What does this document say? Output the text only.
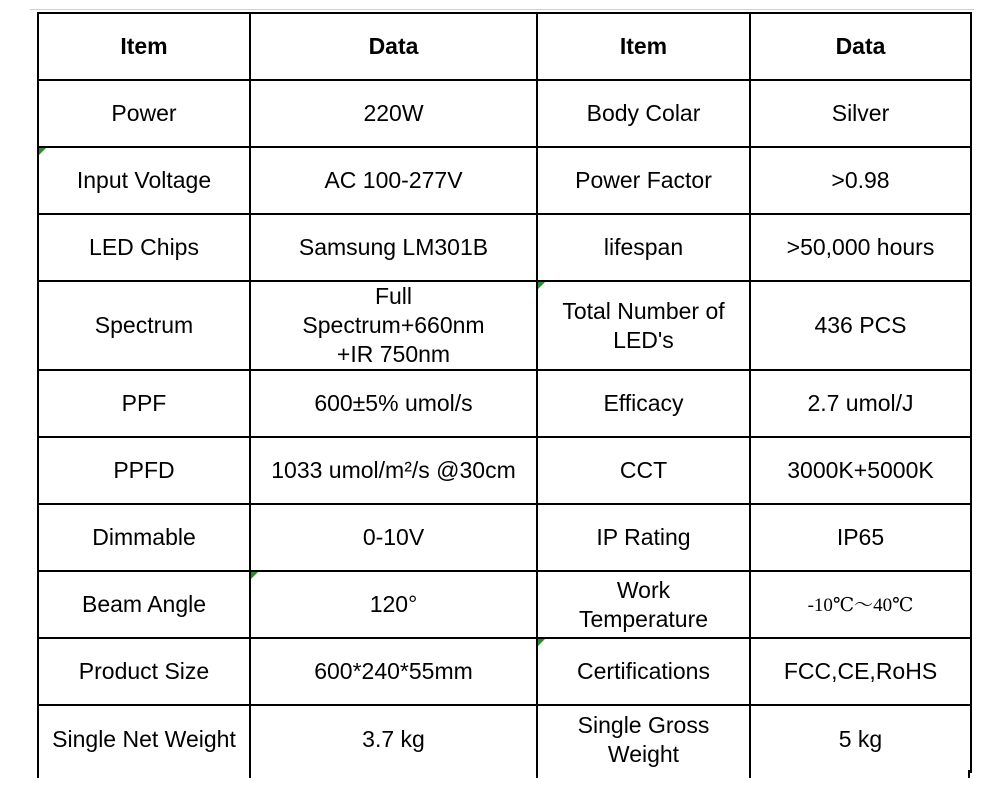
Item	Data	Item	Data
Power	220W	Body Colar	Silver
Input Voltage	AC 100-277V	Power Factor	>0.98
LED Chips	Samsung LM301B	lifespan	>50,000 hours
Spectrum	Full Spectrum+660nm +IR 750nm	Total Number of LED's	436 PCS
PPF	600±5% umol/s	Efficacy	2.7 umol/J
PPFD	1033 umol/m²/s @30cm	CCT	3000K+5000K
Dimmable	0-10V	IP Rating	IP65
Beam Angle	120°	Work Temperature	-10℃～40℃
Product Size	600*240*55mm	Certifications	FCC,CE,RoHS
Single Net Weight	3.7 kg	Single Gross Weight	5 kg
